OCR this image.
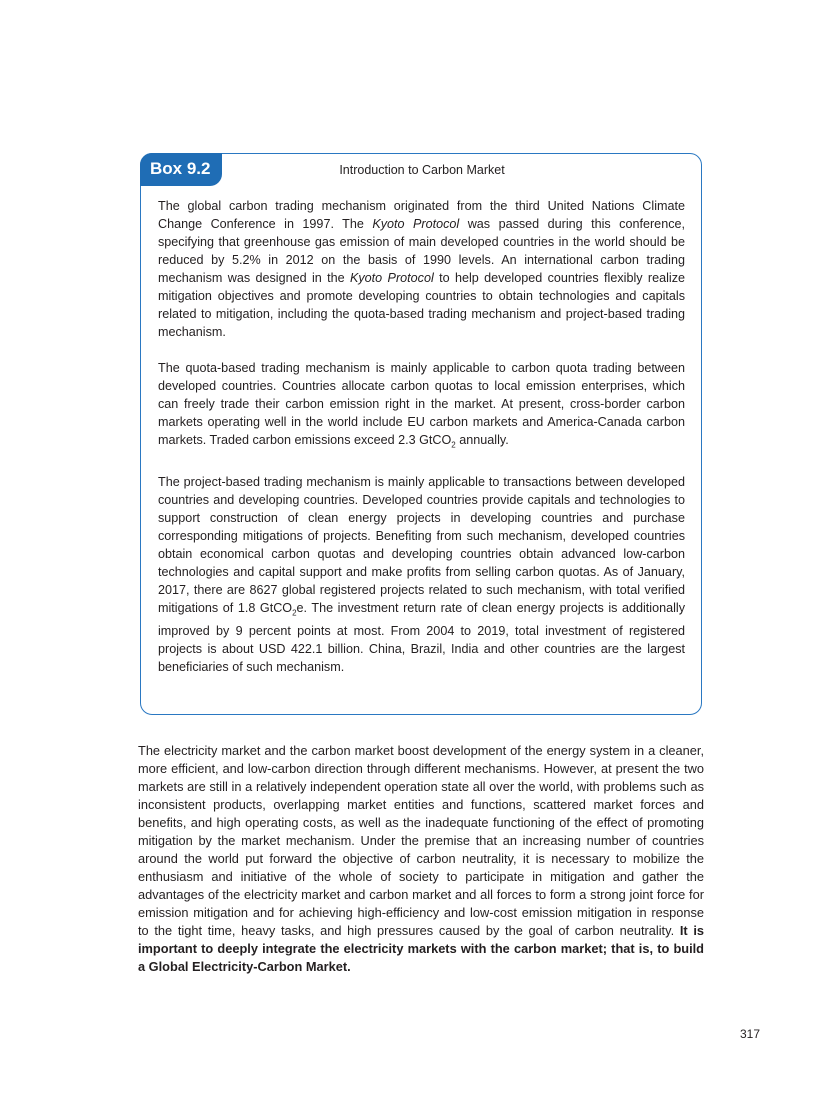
Box 9.2	Introduction to Carbon Market

The global carbon trading mechanism originated from the third United Nations Climate Change Conference in 1997. The Kyoto Protocol was passed during this conference, specifying that greenhouse gas emission of main developed countries in the world should be reduced by 5.2% in 2012 on the basis of 1990 levels. An international carbon trading mechanism was designed in the Kyoto Protocol to help developed countries flexibly realize mitigation objectives and promote developing countries to obtain technologies and capitals related to mitigation, including the quota-based trading mechanism and project-based trading mechanism.

The quota-based trading mechanism is mainly applicable to carbon quota trading between developed countries. Countries allocate carbon quotas to local emission enterprises, which can freely trade their carbon emission right in the market. At present, cross-border carbon markets operating well in the world include EU carbon markets and America-Canada carbon markets. Traded carbon emissions exceed 2.3 GtCO$_2$ annually.

The project-based trading mechanism is mainly applicable to transactions between developed countries and developing countries. Developed countries provide capitals and technologies to support construction of clean energy projects in developing countries and purchase corresponding mitigations of projects. Benefiting from such mechanism, developed countries obtain economical carbon quotas and developing countries obtain advanced low-carbon technologies and capital support and make profits from selling carbon quotas. As of January, 2017, there are 8627 global registered projects related to such mechanism, with total verified mitigations of 1.8 GtCO$_2$e. The investment return rate of clean energy projects is additionally improved by 9 percent points at most. From 2004 to 2019, total investment of registered projects is about USD 422.1 billion. China, Brazil, India and other countries are the largest beneficiaries of such mechanism.

The electricity market and the carbon market boost development of the energy system in a cleaner, more efficient, and low-carbon direction through different mechanisms. However, at present the two markets are still in a relatively independent operation state all over the world, with problems such as inconsistent products, overlapping market entities and functions, scattered market forces and benefits, and high operating costs, as well as the inadequate functioning of the effect of promoting mitigation by the market mechanism. Under the premise that an increasing number of countries around the world put forward the objective of carbon neutrality, it is necessary to mobilize the enthusiasm and initiative of the whole of society to participate in mitigation and gather the advantages of the electricity market and carbon market and all forces to form a strong joint force for emission mitigation and for achieving high-efficiency and low-cost emission mitigation in response to the tight time, heavy tasks, and high pressures caused by the goal of carbon neutrality. It is important to deeply integrate the electricity markets with the carbon market; that is, to build a Global Electricity-Carbon Market.

317
